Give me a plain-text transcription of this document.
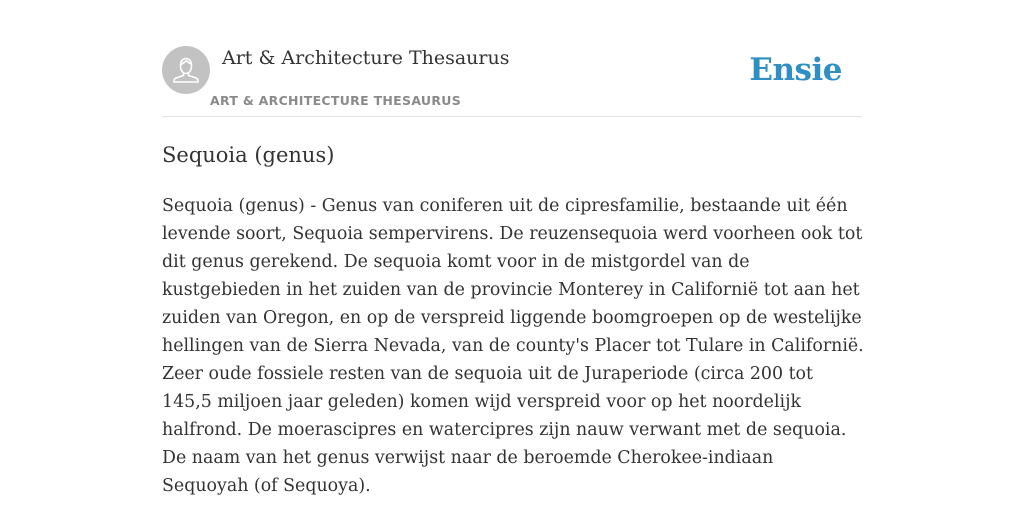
Art & Architecture Thesaurus
ART & ARCHITECTURE THESAURUS
Ensie
Sequoia (genus)

Sequoia (genus) - Genus van coniferen uit de cipresfamilie, bestaande uit één levende soort, Sequoia sempervirens. De reuzensequoia werd voorheen ook tot dit genus gerekend. De sequoia komt voor in de mistgordel van de kustgebieden in het zuiden van de provincie Monterey in Californië tot aan het zuiden van Oregon, en op de verspreid liggende boomgroepen op de westelijke hellingen van de Sierra Nevada, van de county's Placer tot Tulare in Californië. Zeer oude fossiele resten van de sequoia uit de Juraperiode (circa 200 tot 145,5 miljoen jaar geleden) komen wijd verspreid voor op het noordelijk halfrond. De moerascipres en watercipres zijn nauw verwant met de sequoia. De naam van het genus verwijst naar de beroemde Cherokee-indiaan Sequoyah (of Sequoya).
